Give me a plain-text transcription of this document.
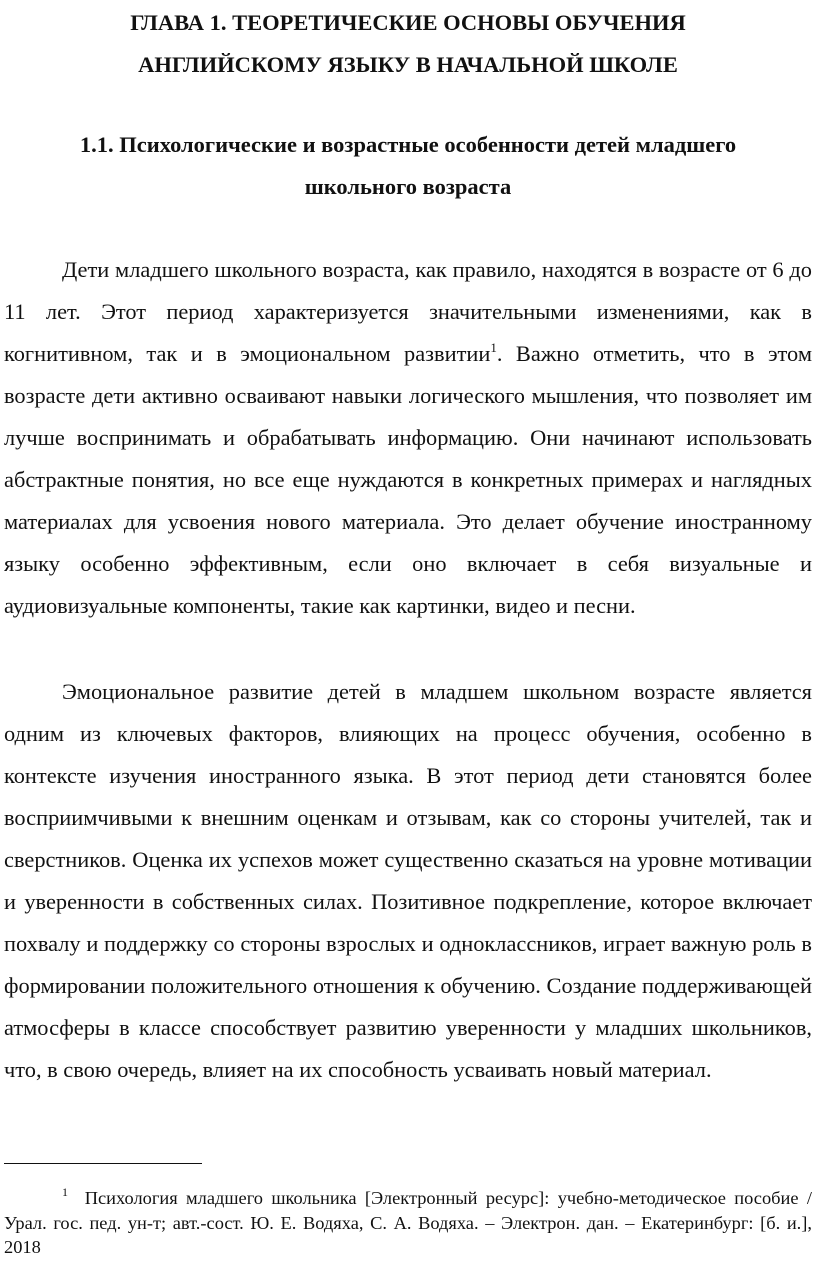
ГЛАВА 1. ТЕОРЕТИЧЕСКИЕ ОСНОВЫ ОБУЧЕНИЯ
АНГЛИЙСКОМУ ЯЗЫКУ В НАЧАЛЬНОЙ ШКОЛЕ
1.1. Психологические и возрастные особенности детей младшего
школьного возраста

Дети младшего школьного возраста, как правило, находятся в возрасте от 6 до 11 лет. Этот период характеризуется значительными изменениями, как в когнитивном, так и в эмоциональном развитии$^1$. Важно отметить, что в этом возрасте дети активно осваивают навыки логического мышления, что позволяет им лучше воспринимать и обрабатывать информацию. Они начинают использовать абстрактные понятия, но все еще нуждаются в конкретных примерах и наглядных материалах для усвоения нового материала. Это делает обучение иностранному языку особенно эффективным, если оно включает в себя визуальные и аудиовизуальные компоненты, такие как картинки, видео и песни.

Эмоциональное развитие детей в младшем школьном возрасте является одним из ключевых факторов, влияющих на процесс обучения, особенно в контексте изучения иностранного языка. В этот период дети становятся более восприимчивыми к внешним оценкам и отзывам, как со стороны учителей, так и сверстников. Оценка их успехов может существенно сказаться на уровне мотивации и уверенности в собственных силах. Позитивное подкрепление, которое включает похвалу и поддержку со стороны взрослых и одноклассников, играет важную роль в формировании положительного отношения к обучению. Создание поддерживающей атмосферы в классе способствует развитию уверенности у младших школьников, что, в свою очередь, влияет на их способность усваивать новый материал.

$^1$ Психология младшего школьника [Электронный ресурс]: учебно-методическое пособие / Урал. гос. пед. ун-т; авт.-сост. Ю. Е. Водяха, С. А. Водяха. – Электрон. дан. – Екатеринбург: [б. и.], 2018
